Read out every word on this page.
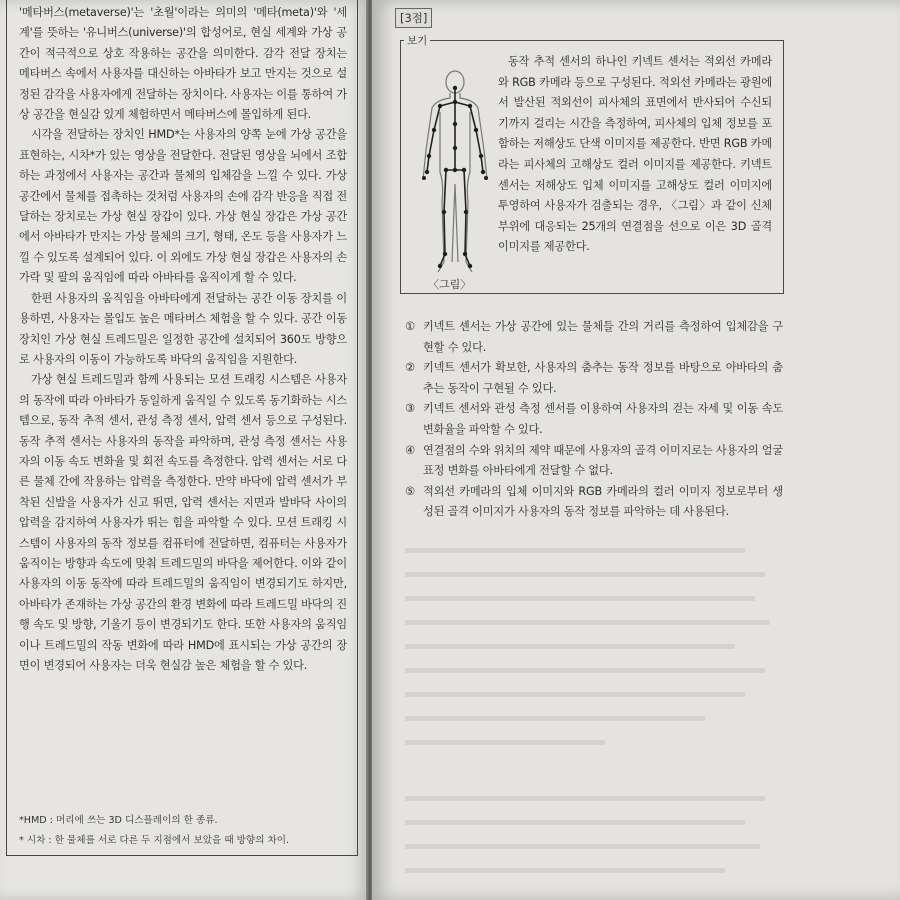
'메타버스(metaverse)'는 '초월'이라는 의미의 '메타(meta)'와 '세계'를 뜻하는 '유니버스(universe)'의 합성어로, 현실 세계와 가상 공간이 적극적으로 상호 작용하는 공간을 의미한다. 감각 전달 장치는 메타버스 속에서 사용자를 대신하는 아바타가 보고 만지는 것으로 설정된 감각을 사용자에게 전달하는 장치이다. 사용자는 이를 통하여 가상 공간을 현실감 있게 체험하면서 메타버스에 몰입하게 된다.

시각을 전달하는 장치인 HMD*는 사용자의 양쪽 눈에 가상 공간을 표현하는, 시차*가 있는 영상을 전달한다. 전달된 영상을 뇌에서 조합하는 과정에서 사용자는 공간과 물체의 입체감을 느낄 수 있다. 가상 공간에서 물체를 접촉하는 것처럼 사용자의 손에 감각 반응을 직접 전달하는 장치로는 가상 현실 장갑이 있다. 가상 현실 장갑은 가상 공간에서 아바타가 만지는 가상 물체의 크기, 형태, 온도 등을 사용자가 느낄 수 있도록 설계되어 있다. 이 외에도 가상 현실 장갑은 사용자의 손가락 및 팔의 움직임에 따라 아바타를 움직이게 할 수 있다.

한편 사용자의 움직임을 아바타에게 전달하는 공간 이동 장치를 이용하면, 사용자는 몰입도 높은 메타버스 체험을 할 수 있다. 공간 이동 장치인 가상 현실 트레드밀은 일정한 공간에 설치되어 360도 방향으로 사용자의 이동이 가능하도록 바닥의 움직임을 지원한다.

가상 현실 트레드밀과 함께 사용되는 모션 트래킹 시스템은 사용자의 동작에 따라 아바타가 동일하게 움직일 수 있도록 동기화하는 시스템으로, 동작 추적 센서, 관성 측정 센서, 압력 센서 등으로 구성된다. 동작 추적 센서는 사용자의 동작을 파악하며, 관성 측정 센서는 사용자의 이동 속도 변화율 및 회전 속도를 측정한다. 압력 센서는 서로 다른 물체 간에 작용하는 압력을 측정한다. 만약 바닥에 압력 센서가 부착된 신발을 사용자가 신고 뛰면, 압력 센서는 지면과 발바닥 사이의 압력을 감지하여 사용자가 뛰는 힘을 파악할 수 있다. 모션 트래킹 시스템이 사용자의 동작 정보를 컴퓨터에 전달하면, 컴퓨터는 사용자가 움직이는 방향과 속도에 맞춰 트레드밀의 바닥을 제어한다. 이와 같이 사용자의 이동 동작에 따라 트레드밀의 움직임이 변경되기도 하지만, 아바타가 존재하는 가상 공간의 환경 변화에 따라 트레드밀 바닥의 진행 속도 및 방향, 기울기 등이 변경되기도 한다. 또한 사용자의 움직임이나 트레드밀의 작동 변화에 따라 HMD에 표시되는 가상 공간의 장면이 변경되어 사용자는 더욱 현실감 높은 체험을 할 수 있다.

*HMD : 머리에 쓰는 3D 디스플레이의 한 종류.
* 시차 : 한 물체를 서로 다른 두 지점에서 보았을 때 방향의 차이.
[3점]
보기
〈그림〉

동작 추적 센서의 하나인 키넥트 센서는 적외선 카메라와 RGB 카메라 등으로 구성된다. 적외선 카메라는 광원에서 발산된 적외선이 피사체의 표면에서 반사되어 수신되기까지 걸리는 시간을 측정하여, 피사체의 입체 정보를 포함하는 저해상도 단색 이미지를 제공한다. 반면 RGB 카메라는 피사체의 고해상도 컬러 이미지를 제공한다. 키넥트 센서는 저해상도 입체 이미지를 고해상도 컬러 이미지에 투영하여 사용자가 검출되는 경우, 〈그림〉과 같이 신체 부위에 대응되는 25개의 연결점을 선으로 이은 3D 골격 이미지를 제공한다.

① 키넥트 센서는 가상 공간에 있는 물체들 간의 거리를 측정하여 입체감을 구현할 수 있다.
② 키넥트 센서가 확보한, 사용자의 춤추는 동작 정보를 바탕으로 아바타의 춤추는 동작이 구현될 수 있다.
③ 키넥트 센서와 관성 측정 센서를 이용하여 사용자의 걷는 자세 및 이동 속도 변화율을 파악할 수 있다.
④ 연결점의 수와 위치의 제약 때문에 사용자의 골격 이미지로는 사용자의 얼굴 표정 변화를 아바타에게 전달할 수 없다.
⑤ 적외선 카메라의 입체 이미지와 RGB 카메라의 컬러 이미지 정보로부터 생성된 골격 이미지가 사용자의 동작 정보를 파악하는 데 사용된다.
